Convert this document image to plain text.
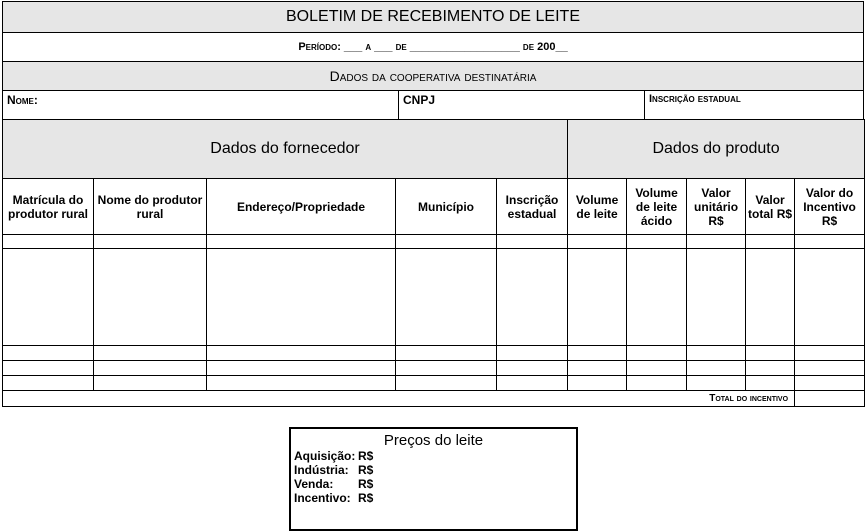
BOLETIM DE RECEBIMENTO DE LEITE
Período: ___ a ___ de __________________ de 200__
Dados da cooperativa destinatária
Nome:	CNPJ	Inscrição estadual
Dados do fornecedor					Dados do produto				
Matrícula do produtor rural	Nome do produtor rural	Endereço/Propriedade	Município	Inscrição estadual	Volume de leite	Volume de leite ácido	Valor unitário R$	Valor total R$	Valor do Incentivo R$

Total do incentivo									
Preços do leite
Aquisição: R$
Indústria: R$
Venda: R$
Incentivo: R$
